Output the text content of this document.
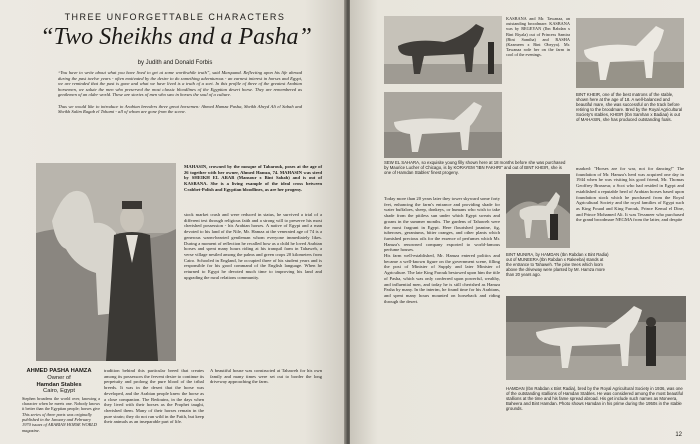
THREE UNFORGETTABLE CHARACTERS
“Two Sheikhs and a Pasha”
by Judith and Donald Forbis
“You have to write about what you have lived to get at some worthwhile truth”, said Marquand. Reflecting upon his life abroad during the past twelve years - often motivated by the desire to do something adventurous - an earnest interest in horses and Egypt, we are reminded that the past is gone and what we have lived is a truth of a sort. In this profile of three of the greatest Arabian horsemen, we salute the men who preserved the most classic bloodlines of the Egyptian desert horse. They are remembered as gentlemen of an older world. These are stories of men who saw in horses the soul of a culture.

Thus we would like to introduce to Arabian breeders three great horsemen: Ahmed Hamza Pasha, Sheikh Abeyd Ali el Sabah and Sheikh Salim Ragab el Tohami - all of whom are gone from the scene.
MAHASIN, crowned by the mosque of Tabarouk, poses at the age of 26 together with her owner, Ahmed Hamza, 74. MAHASIN was sired by SHEIKH EL ARAB (Mansour x Bint Sabah) and is out of KASBANA. She is a living example of the ideal cross between Crabbet-Polish and Egyptian bloodlines, as are her progeny.
stock market crash and were reduced in status, he survived a trial of a different test through religious faith and a strong will to preserve his most cherished possession - his Arabian horses. A native of Egypt and a man devoted to his land of the Nile, Mr. Hamza at the venerated age of 74 is a generous warm-hearted gentleman whom everyone immediately likes. During a moment of reflection he recalled how as a child he loved Arabian horses and spent many hours riding at his tranquil farm in Tahaweh, a verse village nestled among the palms and green crops 20 kilometers from Cairo. Schooled in England, he occupied three of his student years and is responsible for his good command of the English language. When he returned to Egypt he devoted much time to improving his land and upgrading the rural relations community.
AHMED PASHA HAMZA
Owner of
Hamdan Stables
Cairo, Egypt
Stephen broadens the world over, knowing a character when he meets one. Nobody knows it better than the Egyptian people; horses give
This series of three parts was originally published in the January and February 1970 issues of ARABIAN HORSE WORLD magazine.
tradition behind this particular breed that creates among its possessors the fervent desire to continue its perpetuity and prolong the pure blood of the tribal breeds. It was in the desert that the horse was developed, and the Arabian people knew the horse as a close companion. The Bedouins, in the days when they lived with their horses as the Prophet taught, cherished them. Many of their horses remain in the pure strain; they do not run wild in the Faith, but keep their animals as an inseparable part of life.
A beautiful house was constructed at Tahaweh for his own family and many times were set out to border the long driveway approaching the farm.
KASBANA and Mr. Tawanaa, an outstanding broodmare. KASBANA was by REGEYAN (Ibn Rabdan x Bint Riyala) out of Princess Samira (Bint Samiha) and RASHA (Kazmeen x Bint Obeyya). Mr. Tawanaa rode her on the farm in cool of the evenings.
SEW EL SAHARA, so exquisite young filly shown here at 18 months before she was purchased by Maurice Lucher of Chicago, is by KORAYEM "IBN FAKHRI" and out of BINT KHEIR, she is one of Hamdan Stables' finest progeny.
BINT KHEIR, one of the best matrons of the stable, shown here at the age of 18. A well-balanced and beautiful mare, she was successful on the track before retiring to the broodmare. Bred by the Royal Agricultural Society's stables, KHEIR (Ibn Samhan x Badiaa) is out of MAHASIN, she has produced outstanding foals.
Today more than 20 years later they tower skyward some forty feet, enhancing the farm's entrance and providing shade for water buffaloes, sheep, donkeys, or humans who wish to take shade from the pitiless sun under which Egypt sweats and groans in the summer months. The gardens of Tahaweh were the most fragrant in Egypt. Here flourished jasmine, fig, tuberoses, geraniums, bitter oranges, and other plants which furnished precious oils for the essence of perfumes which Mr. Hamza's renowned company exported to world-famous perfume houses.
His farm well-established, Mr. Hamza entered politics and became a well-known figure on the government scene, filling the post of Minister of Supply and later Minister of Agriculture. The late King Farouk bestowed upon him the title of Pasha, which was only conferred upon powerful, wealthy, and influential men, and today he is still cherished as Hamza Pasha by many. In the interim, he found time for his Arabians, and spent many hours mounted on horseback and riding through the desert.
BINT MUNIRA, by HAMDAN (Ibn Rabdan x Bint Radia) out of MUNEERA (Ibn Rabdan x Rakeeba) stands at the entrance to Tahaweh. The pine trees which loom above the driveway were planted by Mr. Hamza more than 20 years ago.
marked: "Horses are for war, not for dancing!" The foundation of Mr. Hamza's herd was acquired one day in 1944 when he was visiting his good friend, Mr. Thomas Geoffrey Brasseur, a Scot who had resided in Egypt and established a reputable herd of Arabian horses based upon foundation stock which he purchased from the Royal Agricultural Society and the royal families of Egypt such as King Fouad and King Farouk, Prince Kemal el Dine, and Prince Mohamed Ali. It was Tessmeer who purchased the grand broodmare NEGMA from the latter, and despite
HAMDAN (Ibn Rabdan x Bint Radia), bred by the Royal Agricultural Society in 1936, was one of the outstanding stallions of Hamdan Stables. He was considered among the most beautiful stallions at the time and his fame spread abroad. His get include such names as Moneera, Baheera and Bint Hamdan. Photo shows Hamdan in his prime during the 1950s in the stable grounds.
12
